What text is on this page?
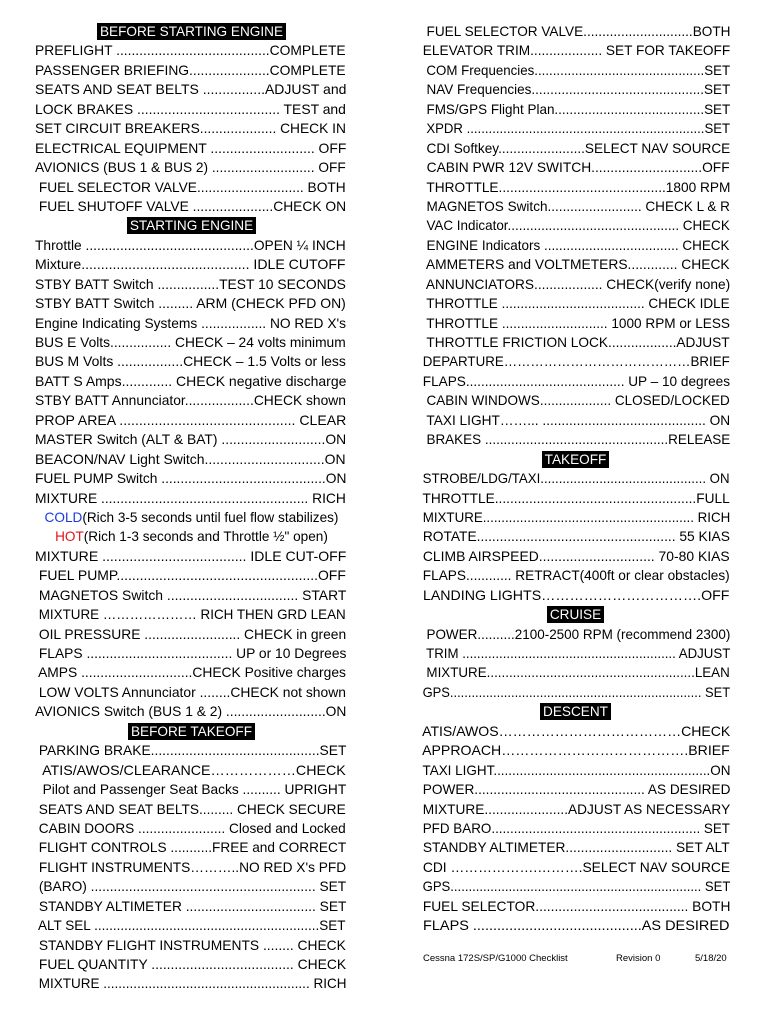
BEFORE STARTING ENGINE
PREFLIGHT ........................................COMPLETE
PASSENGER BRIEFING.....................COMPLETE
SEATS AND SEAT BELTS ................ADJUST and
LOCK BRAKES ..................................... TEST and
SET CIRCUIT BREAKERS.................... CHECK IN
ELECTRICAL EQUIPMENT ........................... OFF
AVIONICS (BUS 1 & BUS 2) ........................... OFF
FUEL SELECTOR VALVE............................ BOTH
FUEL SHUTOFF VALVE .....................CHECK ON
STARTING ENGINE
Throttle ............................................OPEN ¼ INCH
Mixture........................................... IDLE CUTOFF
STBY BATT Switch ................TEST 10 SECONDS
STBY BATT Switch ......... ARM (CHECK PFD ON)
Engine Indicating Systems ................. NO RED X's
BUS E Volts................ CHECK – 24 volts minimum
BUS M Volts .................CHECK – 1.5 Volts or less
BATT S Amps............. CHECK negative discharge
STBY BATT Annunciator..................CHECK shown
PROP AREA ............................................. CLEAR
MASTER Switch (ALT & BAT) ...........................ON
BEACON/NAV Light Switch...............................ON
FUEL PUMP Switch ...........................................ON
MIXTURE ...................................................... RICH
COLD(Rich 3-5 seconds until fuel flow stabilizes)
HOT(Rich 1-3 seconds and Throttle ½" open)
MIXTURE ..................................... IDLE CUT-OFF
FUEL PUMP....................................................OFF
MAGNETOS Switch .................................. START
MIXTURE ………………… RICH THEN GRD LEAN
OIL PRESSURE ......................... CHECK in green
FLAPS ...................................... UP or 10 Degrees
AMPS .............................CHECK Positive charges
LOW VOLTS Annunciator ........CHECK not shown
AVIONICS Switch (BUS 1 & 2) ..........................ON
BEFORE TAKEOFF
PARKING BRAKE............................................SET
ATIS/AWOS/CLEARANCE………………CHECK
Pilot and Passenger Seat Backs .......... UPRIGHT
SEATS AND SEAT BELTS......... CHECK SECURE
CABIN DOORS ....................... Closed and Locked
FLIGHT CONTROLS ...........FREE and CORRECT
FLIGHT INSTRUMENTS………..NO RED X's PFD
(BARO) ........................................................... SET
STANDBY ALTIMETER .................................. SET
ALT SEL ............................................................SET
STANDBY FLIGHT INSTRUMENTS ........ CHECK
FUEL QUANTITY ..................................... CHECK
MIXTURE ....................................................... RICH
FUEL SELECTOR VALVE.............................BOTH
ELEVATOR TRIM................... SET FOR TAKEOFF
COM Frequencies..............................................SET
NAV Frequencies..............................................SET
FMS/GPS Flight Plan........................................SET
XPDR .................................................................SET
CDI Softkey.......................SELECT NAV SOURCE
CABIN PWR 12V SWITCH.............................OFF
THROTTLE............................................1800 RPM
MAGNETOS Switch......................... CHECK L & R
VAC Indicator.............................................. CHECK
ENGINE Indicators .................................... CHECK
AMMETERS and VOLTMETERS............. CHECK
ANNUNCIATORS.................. CHECK(verify none)
THROTTLE ...................................... CHECK IDLE
THROTTLE ............................ 1000 RPM or LESS
THROTTLE FRICTION LOCK..................ADJUST
DEPARTURE……………………………………BRIEF
FLAPS.......................................... UP – 10 degrees
CABIN WINDOWS................... CLOSED/LOCKED
TAXI LIGHT……... ........................................... ON
BRAKES .................................................RELEASE
TAKEOFF
STROBE/LDG/TAXI............................................. ON
THROTTLE.....................................................FULL
MIXTURE......................................................... RICH
ROTATE.................................................... 55 KIAS
CLIMB AIRSPEED.............................. 70-80 KIAS
FLAPS............ RETRACT(400ft or clear obstacles)
LANDING LIGHTS…………………………….OFF
CRUISE
POWER..........2100-2500 RPM (recommend 2300)
TRIM .......................................................... ADJUST
MIXTURE........................................................LEAN
GPS...................................................................... SET
DESCENT
ATIS/AWOS…………………………………CHECK
APPROACH………………………………….BRIEF
TAXI LIGHT..........................................................ON
POWER............................................. AS DESIRED
MIXTURE......................ADJUST AS NECESSARY
PFD BARO........................................................ SET
STANDBY ALTIMETER............................ SET ALT
CDI ……………….……….SELECT NAV SOURCE
GPS..................................................................... SET
FUEL SELECTOR........................................ BOTH
FLAPS ..........................................AS DESIRED
Cessna 172S/SP/G1000 Checklist	Revision 0	5/18/20
